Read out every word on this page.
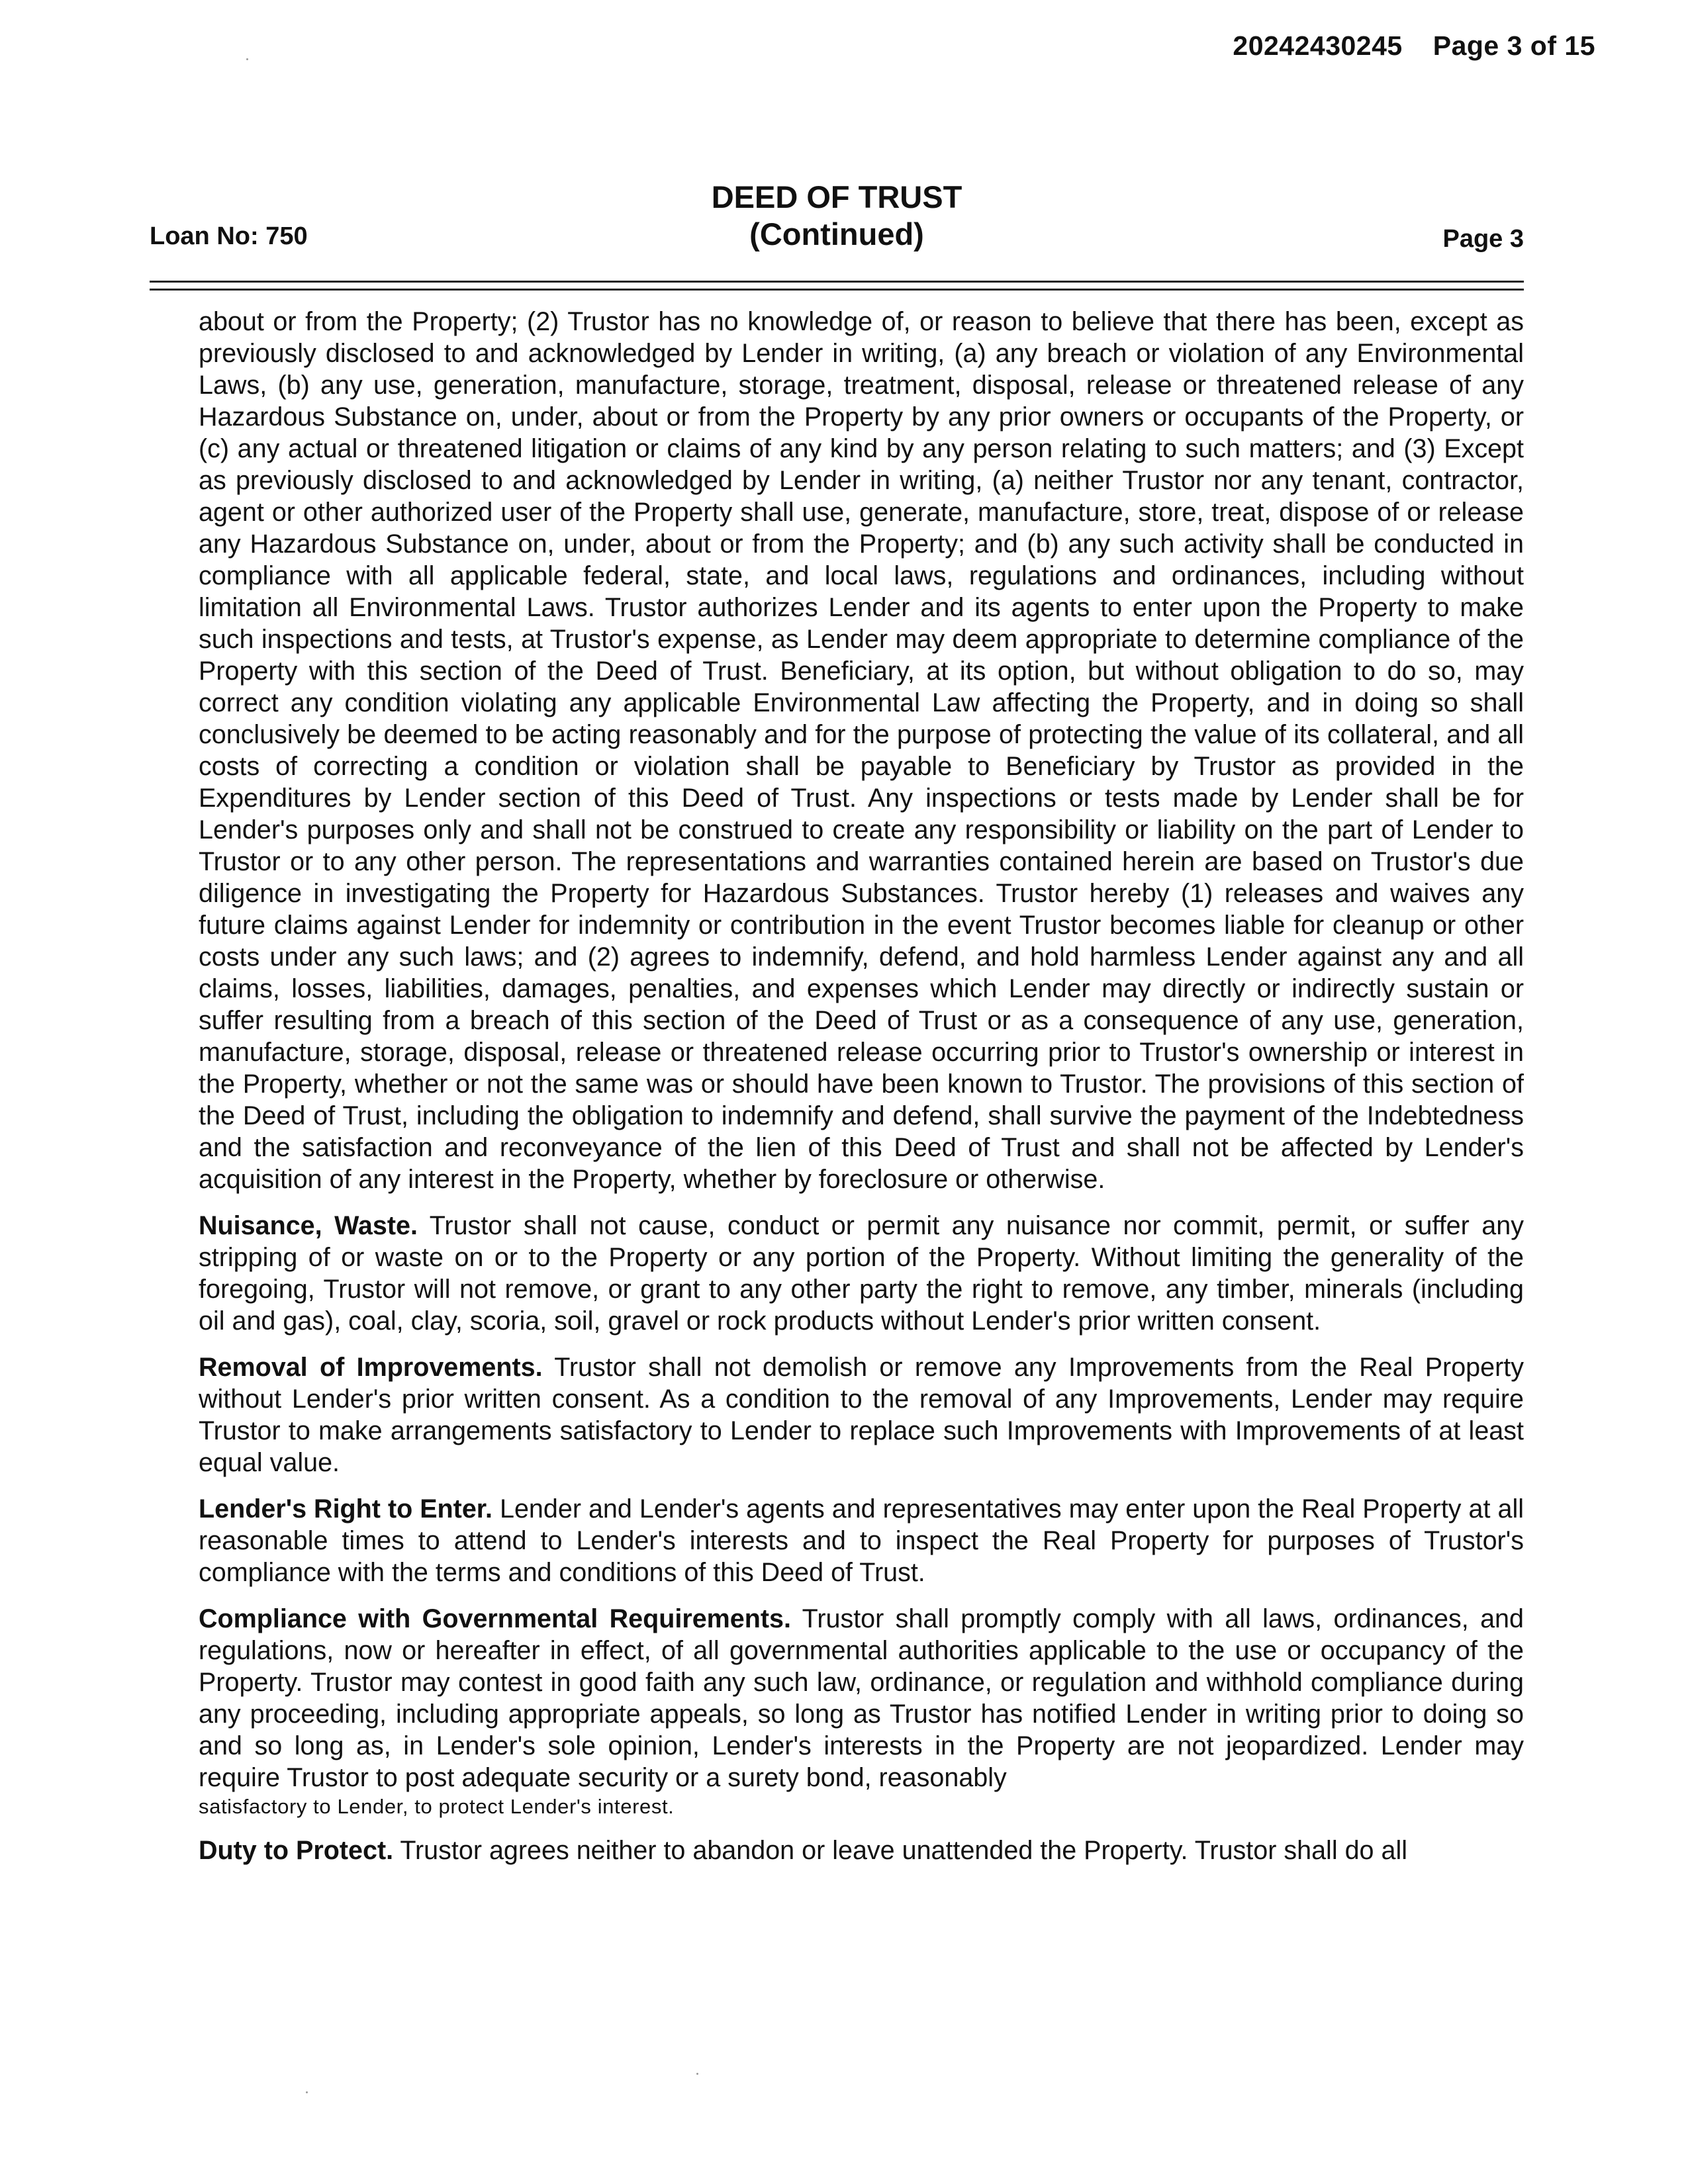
20242430245 Page 3 of 15
Loan No: 750
DEED OF TRUST
(Continued)	Page 3

about or from the Property; (2) Trustor has no knowledge of, or reason to believe that there has been, except as previously disclosed to and acknowledged by Lender in writing, (a) any breach or violation of any Environmental Laws, (b) any use, generation, manufacture, storage, treatment, disposal, release or threatened release of any Hazardous Substance on, under, about or from the Property by any prior owners or occupants of the Property, or (c) any actual or threatened litigation or claims of any kind by any person relating to such matters; and (3) Except as previously disclosed to and acknowledged by Lender in writing, (a) neither Trustor nor any tenant, contractor, agent or other authorized user of the Property shall use, generate, manufacture, store, treat, dispose of or release any Hazardous Substance on, under, about or from the Property; and (b) any such activity shall be conducted in compliance with all applicable federal, state, and local laws, regulations and ordinances, including without limitation all Environmental Laws. Trustor authorizes Lender and its agents to enter upon the Property to make such inspections and tests, at Trustor's expense, as Lender may deem appropriate to determine compliance of the Property with this section of the Deed of Trust. Beneficiary, at its option, but without obligation to do so, may correct any condition violating any applicable Environmental Law affecting the Property, and in doing so shall conclusively be deemed to be acting reasonably and for the purpose of protecting the value of its collateral, and all costs of correcting a condition or violation shall be payable to Beneficiary by Trustor as provided in the Expenditures by Lender section of this Deed of Trust. Any inspections or tests made by Lender shall be for Lender's purposes only and shall not be construed to create any responsibility or liability on the part of Lender to Trustor or to any other person. The representations and warranties contained herein are based on Trustor's due diligence in investigating the Property for Hazardous Substances. Trustor hereby (1) releases and waives any future claims against Lender for indemnity or contribution in the event Trustor becomes liable for cleanup or other costs under any such laws; and (2) agrees to indemnify, defend, and hold harmless Lender against any and all claims, losses, liabilities, damages, penalties, and expenses which Lender may directly or indirectly sustain or suffer resulting from a breach of this section of the Deed of Trust or as a consequence of any use, generation, manufacture, storage, disposal, release or threatened release occurring prior to Trustor's ownership or interest in the Property, whether or not the same was or should have been known to Trustor. The provisions of this section of the Deed of Trust, including the obligation to indemnify and defend, shall survive the payment of the Indebtedness and the satisfaction and reconveyance of the lien of this Deed of Trust and shall not be affected by Lender's acquisition of any interest in the Property, whether by foreclosure or otherwise.

Nuisance, Waste. Trustor shall not cause, conduct or permit any nuisance nor commit, permit, or suffer any stripping of or waste on or to the Property or any portion of the Property. Without limiting the generality of the foregoing, Trustor will not remove, or grant to any other party the right to remove, any timber, minerals (including oil and gas), coal, clay, scoria, soil, gravel or rock products without Lender's prior written consent.

Removal of Improvements. Trustor shall not demolish or remove any Improvements from the Real Property without Lender's prior written consent. As a condition to the removal of any Improvements, Lender may require Trustor to make arrangements satisfactory to Lender to replace such Improvements with Improvements of at least equal value.

Lender's Right to Enter. Lender and Lender's agents and representatives may enter upon the Real Property at all reasonable times to attend to Lender's interests and to inspect the Real Property for purposes of Trustor's compliance with the terms and conditions of this Deed of Trust.

Compliance with Governmental Requirements. Trustor shall promptly comply with all laws, ordinances, and regulations, now or hereafter in effect, of all governmental authorities applicable to the use or occupancy of the Property. Trustor may contest in good faith any such law, ordinance, or regulation and withhold compliance during any proceeding, including appropriate appeals, so long as Trustor has notified Lender in writing prior to doing so and so long as, in Lender's sole opinion, Lender's interests in the Property are not jeopardized. Lender may require Trustor to post adequate security or a surety bond, reasonably
satisfactory to Lender, to protect Lender's interest.

Duty to Protect. Trustor agrees neither to abandon or leave unattended the Property. Trustor shall do all
